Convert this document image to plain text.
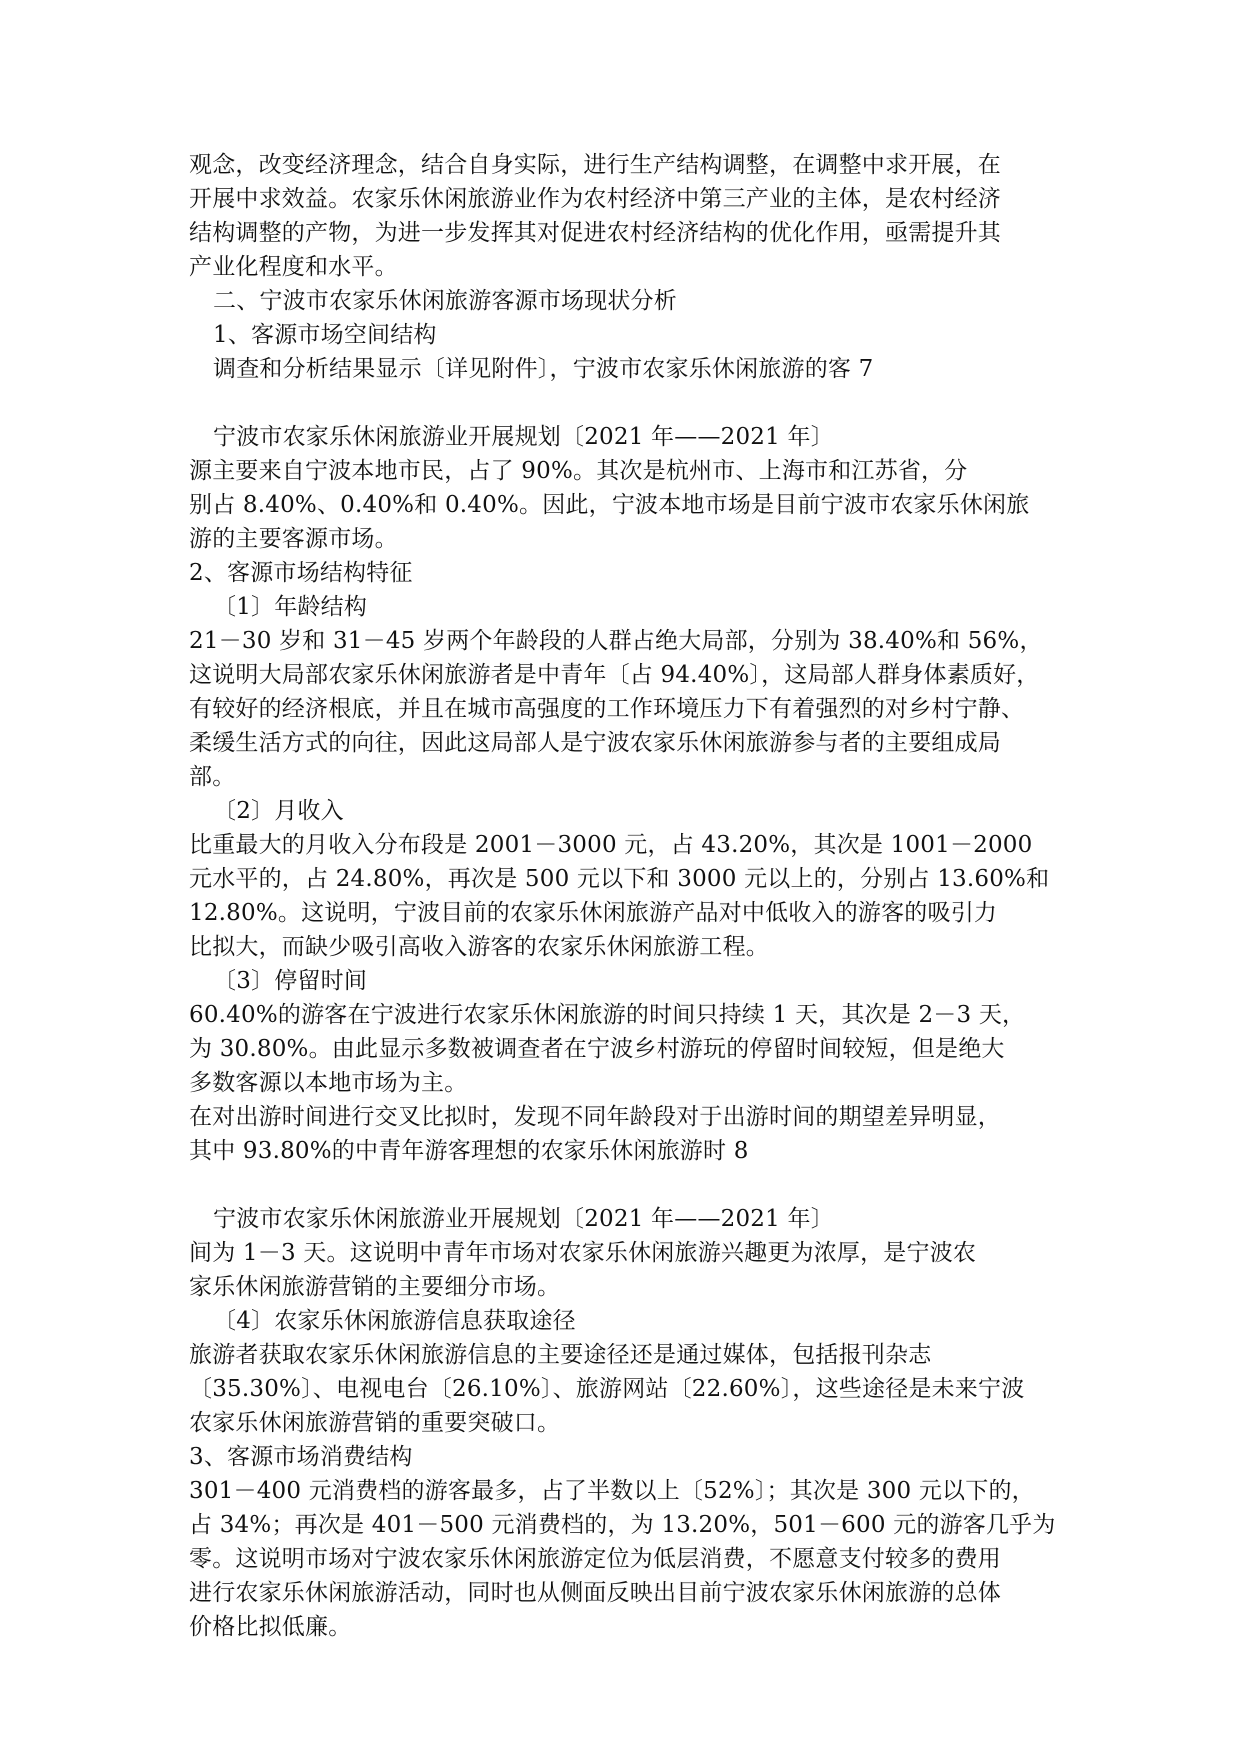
观念，改变经济理念，结合自身实际，进行生产结构调整，在调整中求开展，在
开展中求效益。农家乐休闲旅游业作为农村经济中第三产业的主体，是农村经济
结构调整的产物，为进一步发挥其对促进农村经济结构的优化作用，亟需提升其
产业化程度和水平。
二、宁波市农家乐休闲旅游客源市场现状分析
1、客源市场空间结构
调查和分析结果显示〔详见附件〕，宁波市农家乐休闲旅游的客 7
宁波市农家乐休闲旅游业开展规划〔2021 年——2021 年〕
源主要来自宁波本地市民，占了 90%。其次是杭州市、上海市和江苏省，分
别占 8.40%、0.40%和 0.40%。因此，宁波本地市场是目前宁波市农家乐休闲旅
游的主要客源市场。
2、客源市场结构特征
〔1〕年龄结构
21－30 岁和 31－45 岁两个年龄段的人群占绝大局部，分别为 38.40%和 56%，
这说明大局部农家乐休闲旅游者是中青年〔占 94.40%〕，这局部人群身体素质好，
有较好的经济根底，并且在城市高强度的工作环境压力下有着强烈的对乡村宁静、
柔缓生活方式的向往，因此这局部人是宁波农家乐休闲旅游参与者的主要组成局
部。
〔2〕月收入
比重最大的月收入分布段是 2001－3000 元，占 43.20%，其次是 1001－2000
元水平的，占 24.80%，再次是 500 元以下和 3000 元以上的，分别占 13.60%和
12.80%。这说明，宁波目前的农家乐休闲旅游产品对中低收入的游客的吸引力
比拟大，而缺少吸引高收入游客的农家乐休闲旅游工程。
〔3〕停留时间
60.40%的游客在宁波进行农家乐休闲旅游的时间只持续 1 天，其次是 2－3 天，
为 30.80%。由此显示多数被调查者在宁波乡村游玩的停留时间较短，但是绝大
多数客源以本地市场为主。
在对出游时间进行交叉比拟时，发现不同年龄段对于出游时间的期望差异明显，
其中 93.80%的中青年游客理想的农家乐休闲旅游时 8
宁波市农家乐休闲旅游业开展规划〔2021 年——2021 年〕
间为 1－3 天。这说明中青年市场对农家乐休闲旅游兴趣更为浓厚，是宁波农
家乐休闲旅游营销的主要细分市场。
〔4〕农家乐休闲旅游信息获取途径
旅游者获取农家乐休闲旅游信息的主要途径还是通过媒体，包括报刊杂志
〔35.30%〕、电视电台〔26.10%〕、旅游网站〔22.60%〕，这些途径是未来宁波
农家乐休闲旅游营销的重要突破口。
3、客源市场消费结构
301－400 元消费档的游客最多，占了半数以上〔52%〕；其次是 300 元以下的，
占 34%；再次是 401－500 元消费档的，为 13.20%，501－600 元的游客几乎为
零。这说明市场对宁波农家乐休闲旅游定位为低层消费，不愿意支付较多的费用
进行农家乐休闲旅游活动，同时也从侧面反映出目前宁波农家乐休闲旅游的总体
价格比拟低廉。
